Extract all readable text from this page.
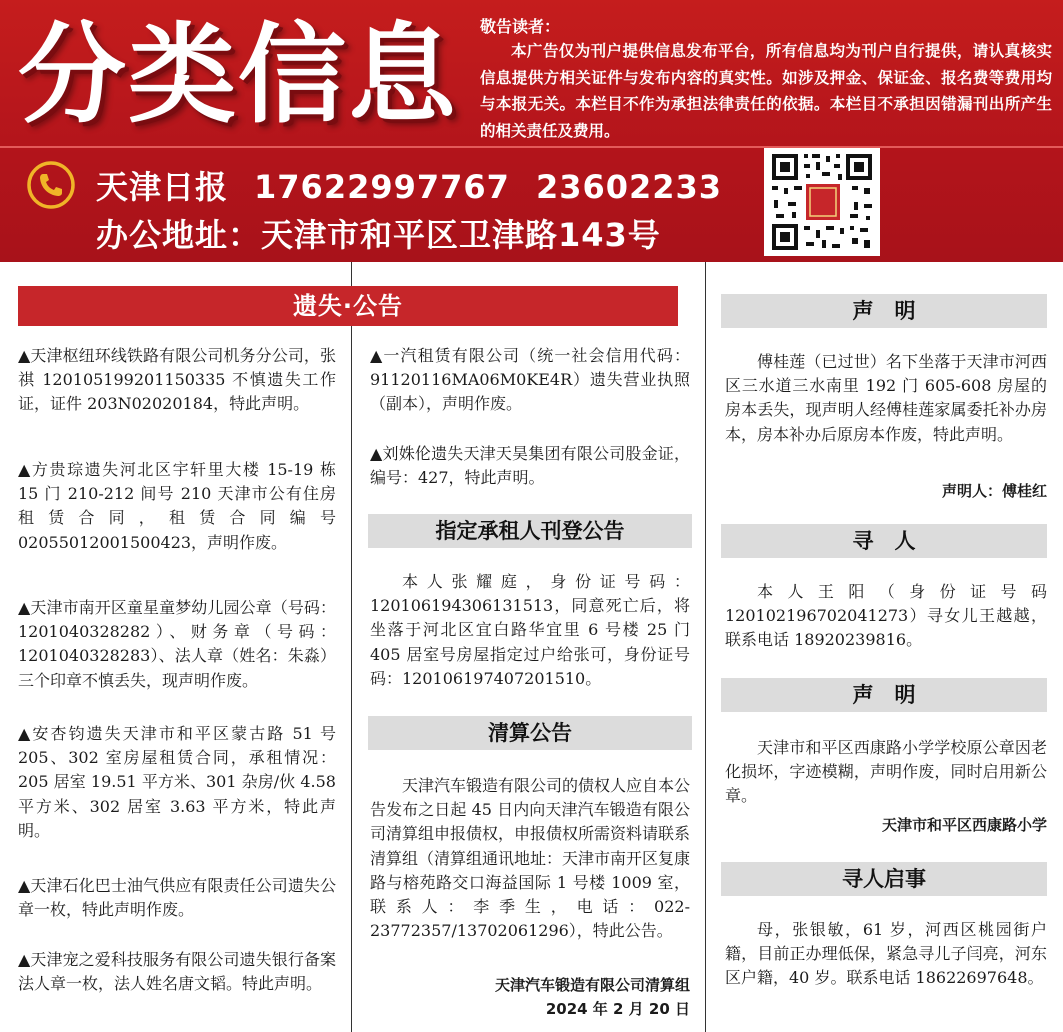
分类信息	敬告读者：
本广告仅为刊户提供信息发布平台，所有信息均为刊户自行提供，请认真核实信息提供方相关证件与发布内容的真实性。如涉及押金、保证金、报名费等费用均与本报无关。本栏目不作为承担法律责任的依据。本栏目不承担因错漏刊出所产生的相关责任及费用。
天津日报 17622997767 23602233
办公地址：天津市和平区卫津路143号
遗失·公告
▲天津枢纽环线铁路有限公司机务分公司，张祺 120105199201150335 不慎遗失工作证，证件 203N02020184，特此声明。
▲方贵琮遗失河北区宇轩里大楼 15-19 栋 15 门 210-212 间号 210 天津市公有住房租赁合同，租赁合同编号 02055012001500423，声明作废。
▲天津市南开区童星童梦幼儿园公章（号码：1201040328282）、财务章（号码：1201040328283）、法人章（姓名：朱淼）三个印章不慎丢失，现声明作废。
▲安杏钧遗失天津市和平区蒙古路 51 号 205、302 室房屋租赁合同，承租情况：205 居室 19.51 平方米、301 杂房/伙 4.58 平方米、302 居室 3.63 平方米，特此声明。
▲天津石化巴士油气供应有限责任公司遗失公章一枚，特此声明作废。
▲天津宠之爱科技服务有限公司遗失银行备案法人章一枚，法人姓名唐文韬。特此声明。
▲一汽租赁有限公司（统一社会信用代码：91120116MA06M0KE4R）遗失营业执照（副本），声明作废。
▲刘姝伦遗失天津天昊集团有限公司股金证，编号：427，特此声明。
指定承租人刊登公告
本人张耀庭，身份证号码：120106194306131513，同意死亡后，将坐落于河北区宜白路华宜里 6 号楼 25 门 405 居室号房屋指定过户给张可，身份证号码：120106197407201510。
清算公告
天津汽车锻造有限公司的债权人应自本公告发布之日起 45 日内向天津汽车锻造有限公司清算组申报债权，申报债权所需资料请联系清算组（清算组通讯地址：天津市南开区复康路与榕苑路交口海益国际 1 号楼 1009 室，联系人：李季生，电话：022-23772357/13702061296），特此公告。
天津汽车锻造有限公司清算组
2024 年 2 月 20 日
声　明
傅桂莲（已过世）名下坐落于天津市河西区三水道三水南里 192 门 605-608 房屋的房本丢失，现声明人经傅桂莲家属委托补办房本，房本补办后原房本作废，特此声明。
声明人：傅桂红
寻　人
本人王阳（身份证号码 120102196702041273）寻女儿王越越，联系电话 18920239816。
声　明
天津市和平区西康路小学学校原公章因老化损坏，字迹模糊，声明作废，同时启用新公章。
天津市和平区西康路小学
寻人启事
母，张银敏，61 岁，河西区桃园街户籍，目前正办理低保，紧急寻儿子闫亮，河东区户籍，40 岁。联系电话 18622697648。
